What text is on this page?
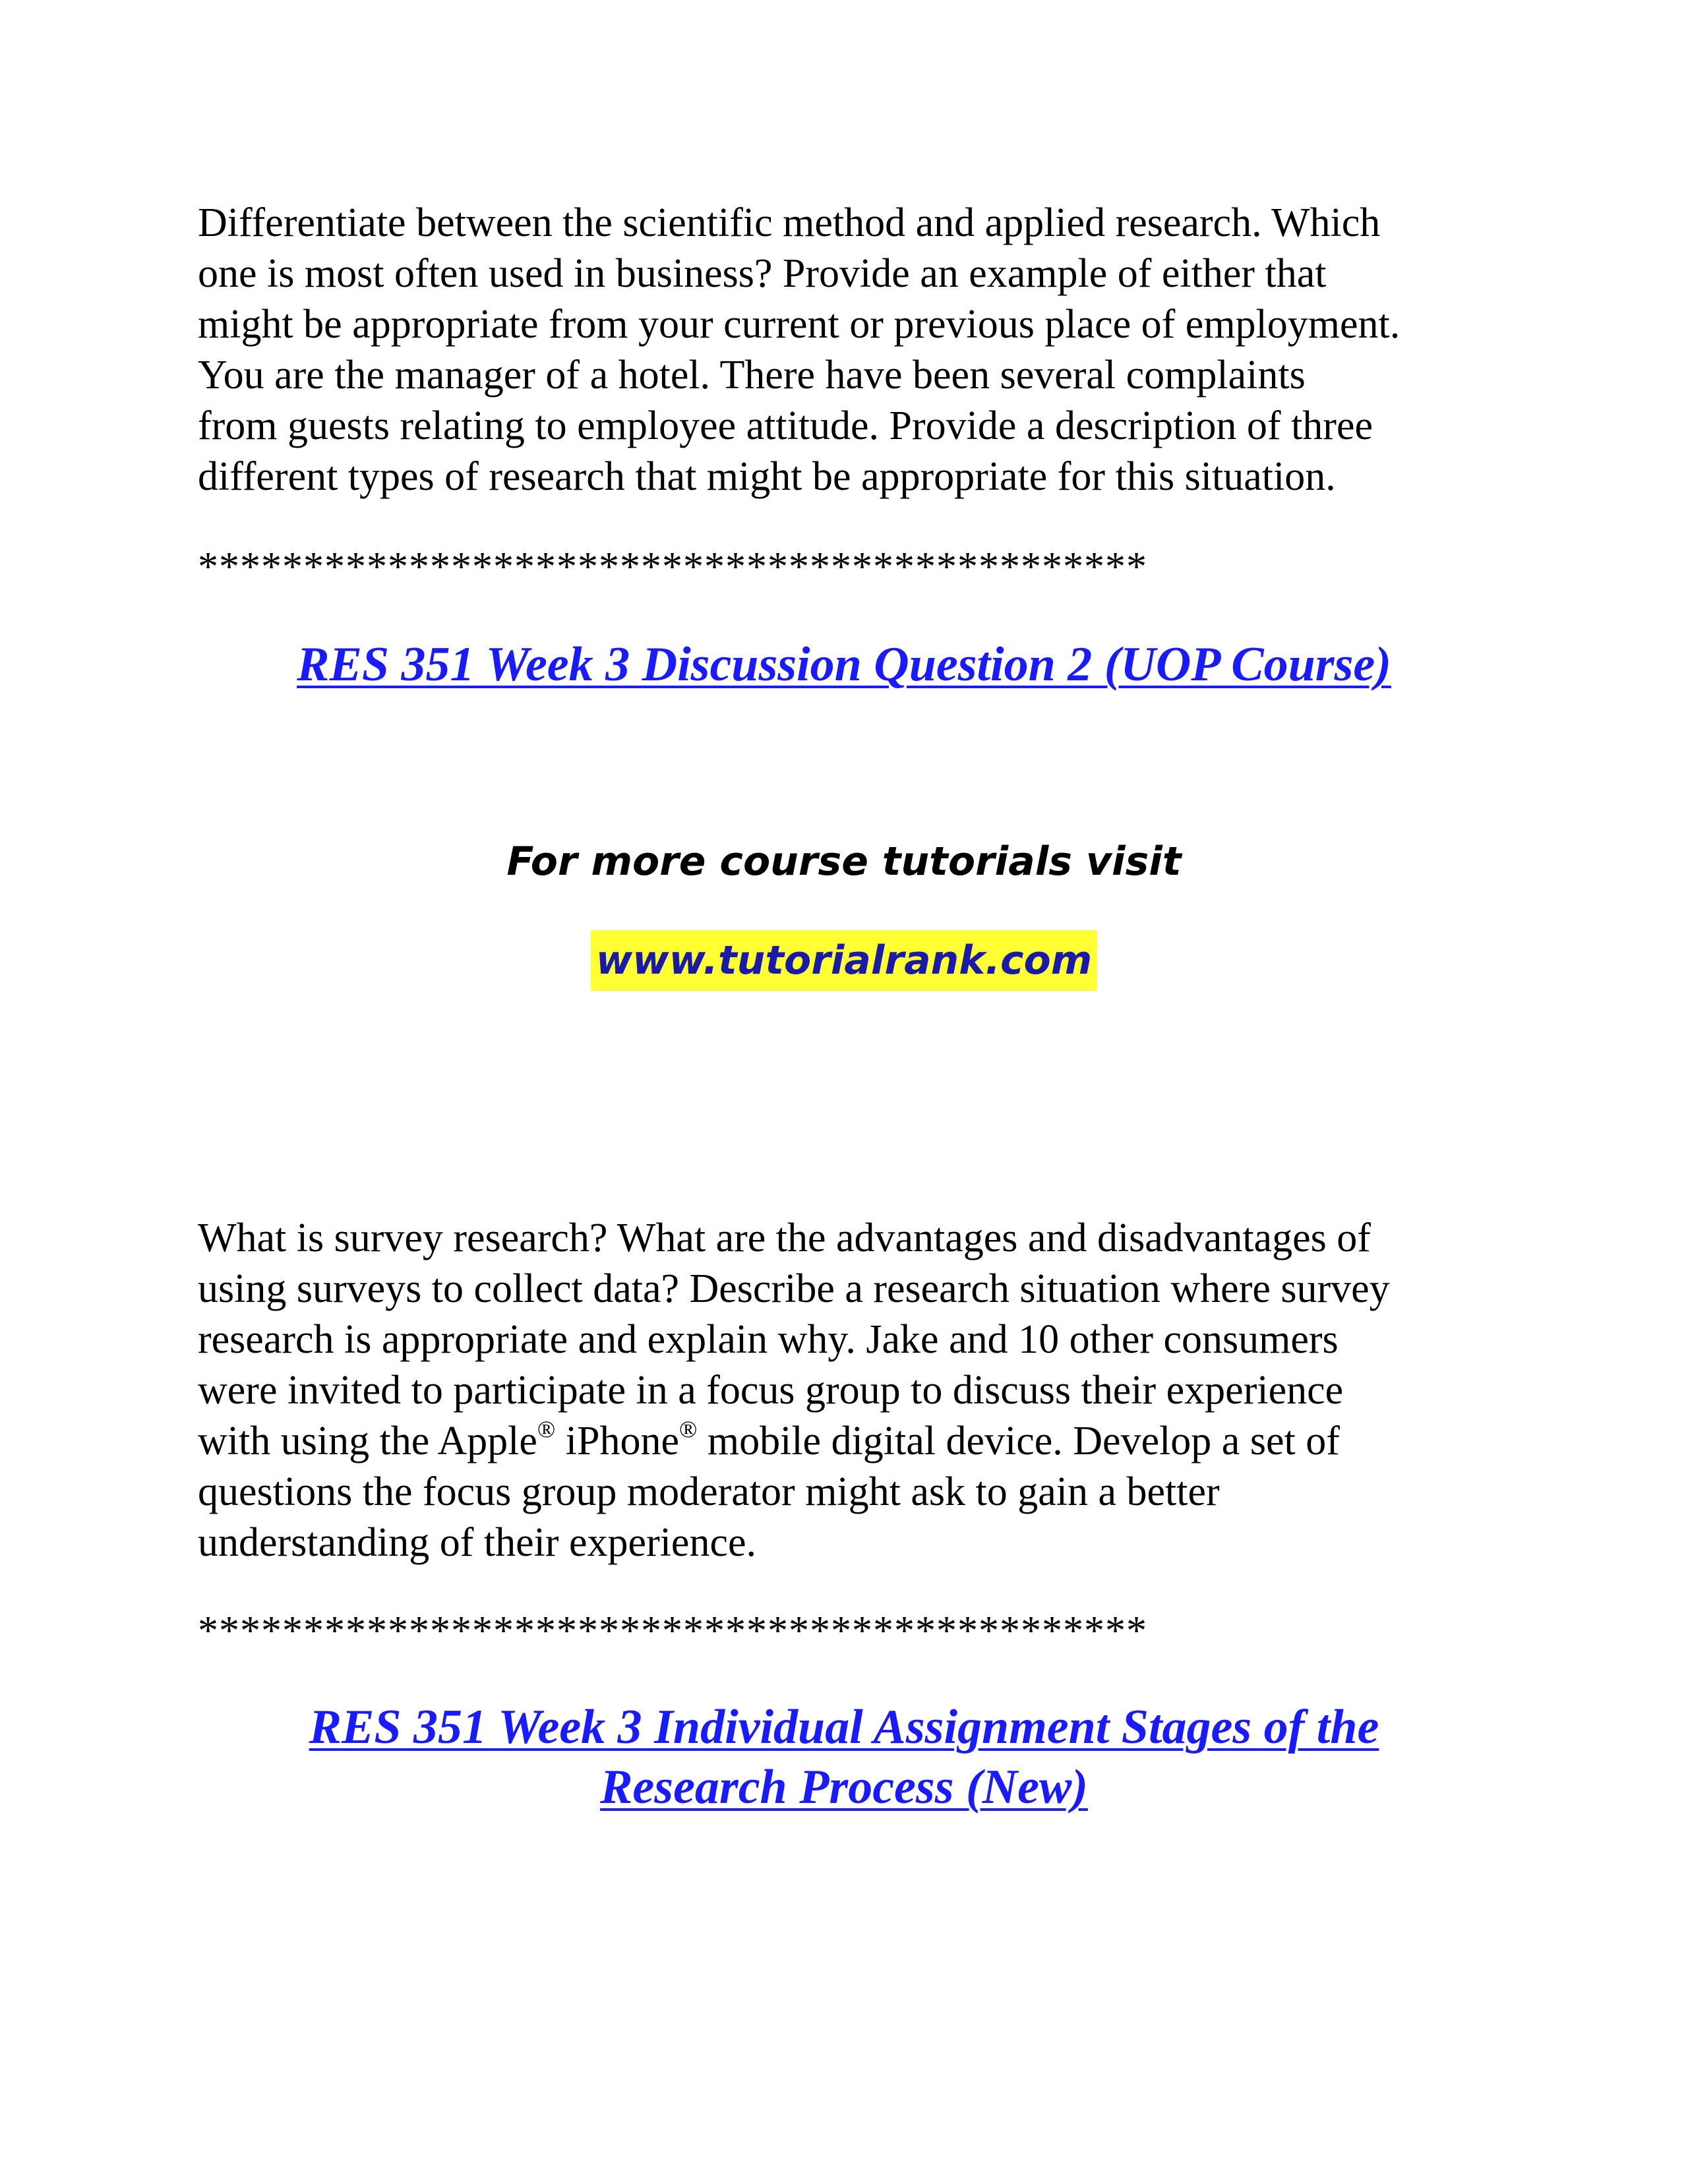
Differentiate between the scientific method and applied research. Which
one is most often used in business? Provide an example of either that
might be appropriate from your current or previous place of employment.
You are the manager of a hotel. There have been several complaints
from guests relating to employee attitude. Provide a description of three
different types of research that might be appropriate for this situation.

*********************************************
RES 351 Week 3 Discussion Question 2 (UOP Course)
For more course tutorials visit
www.tutorialrank.com

What is survey research? What are the advantages and disadvantages of
using surveys to collect data? Describe a research situation where survey
research is appropriate and explain why. Jake and 10 other consumers
were invited to participate in a focus group to discuss their experience
with using the Apple® iPhone® mobile digital device. Develop a set of
questions the focus group moderator might ask to gain a better
understanding of their experience.

*********************************************
RES 351 Week 3 Individual Assignment Stages of the
Research Process (New)
